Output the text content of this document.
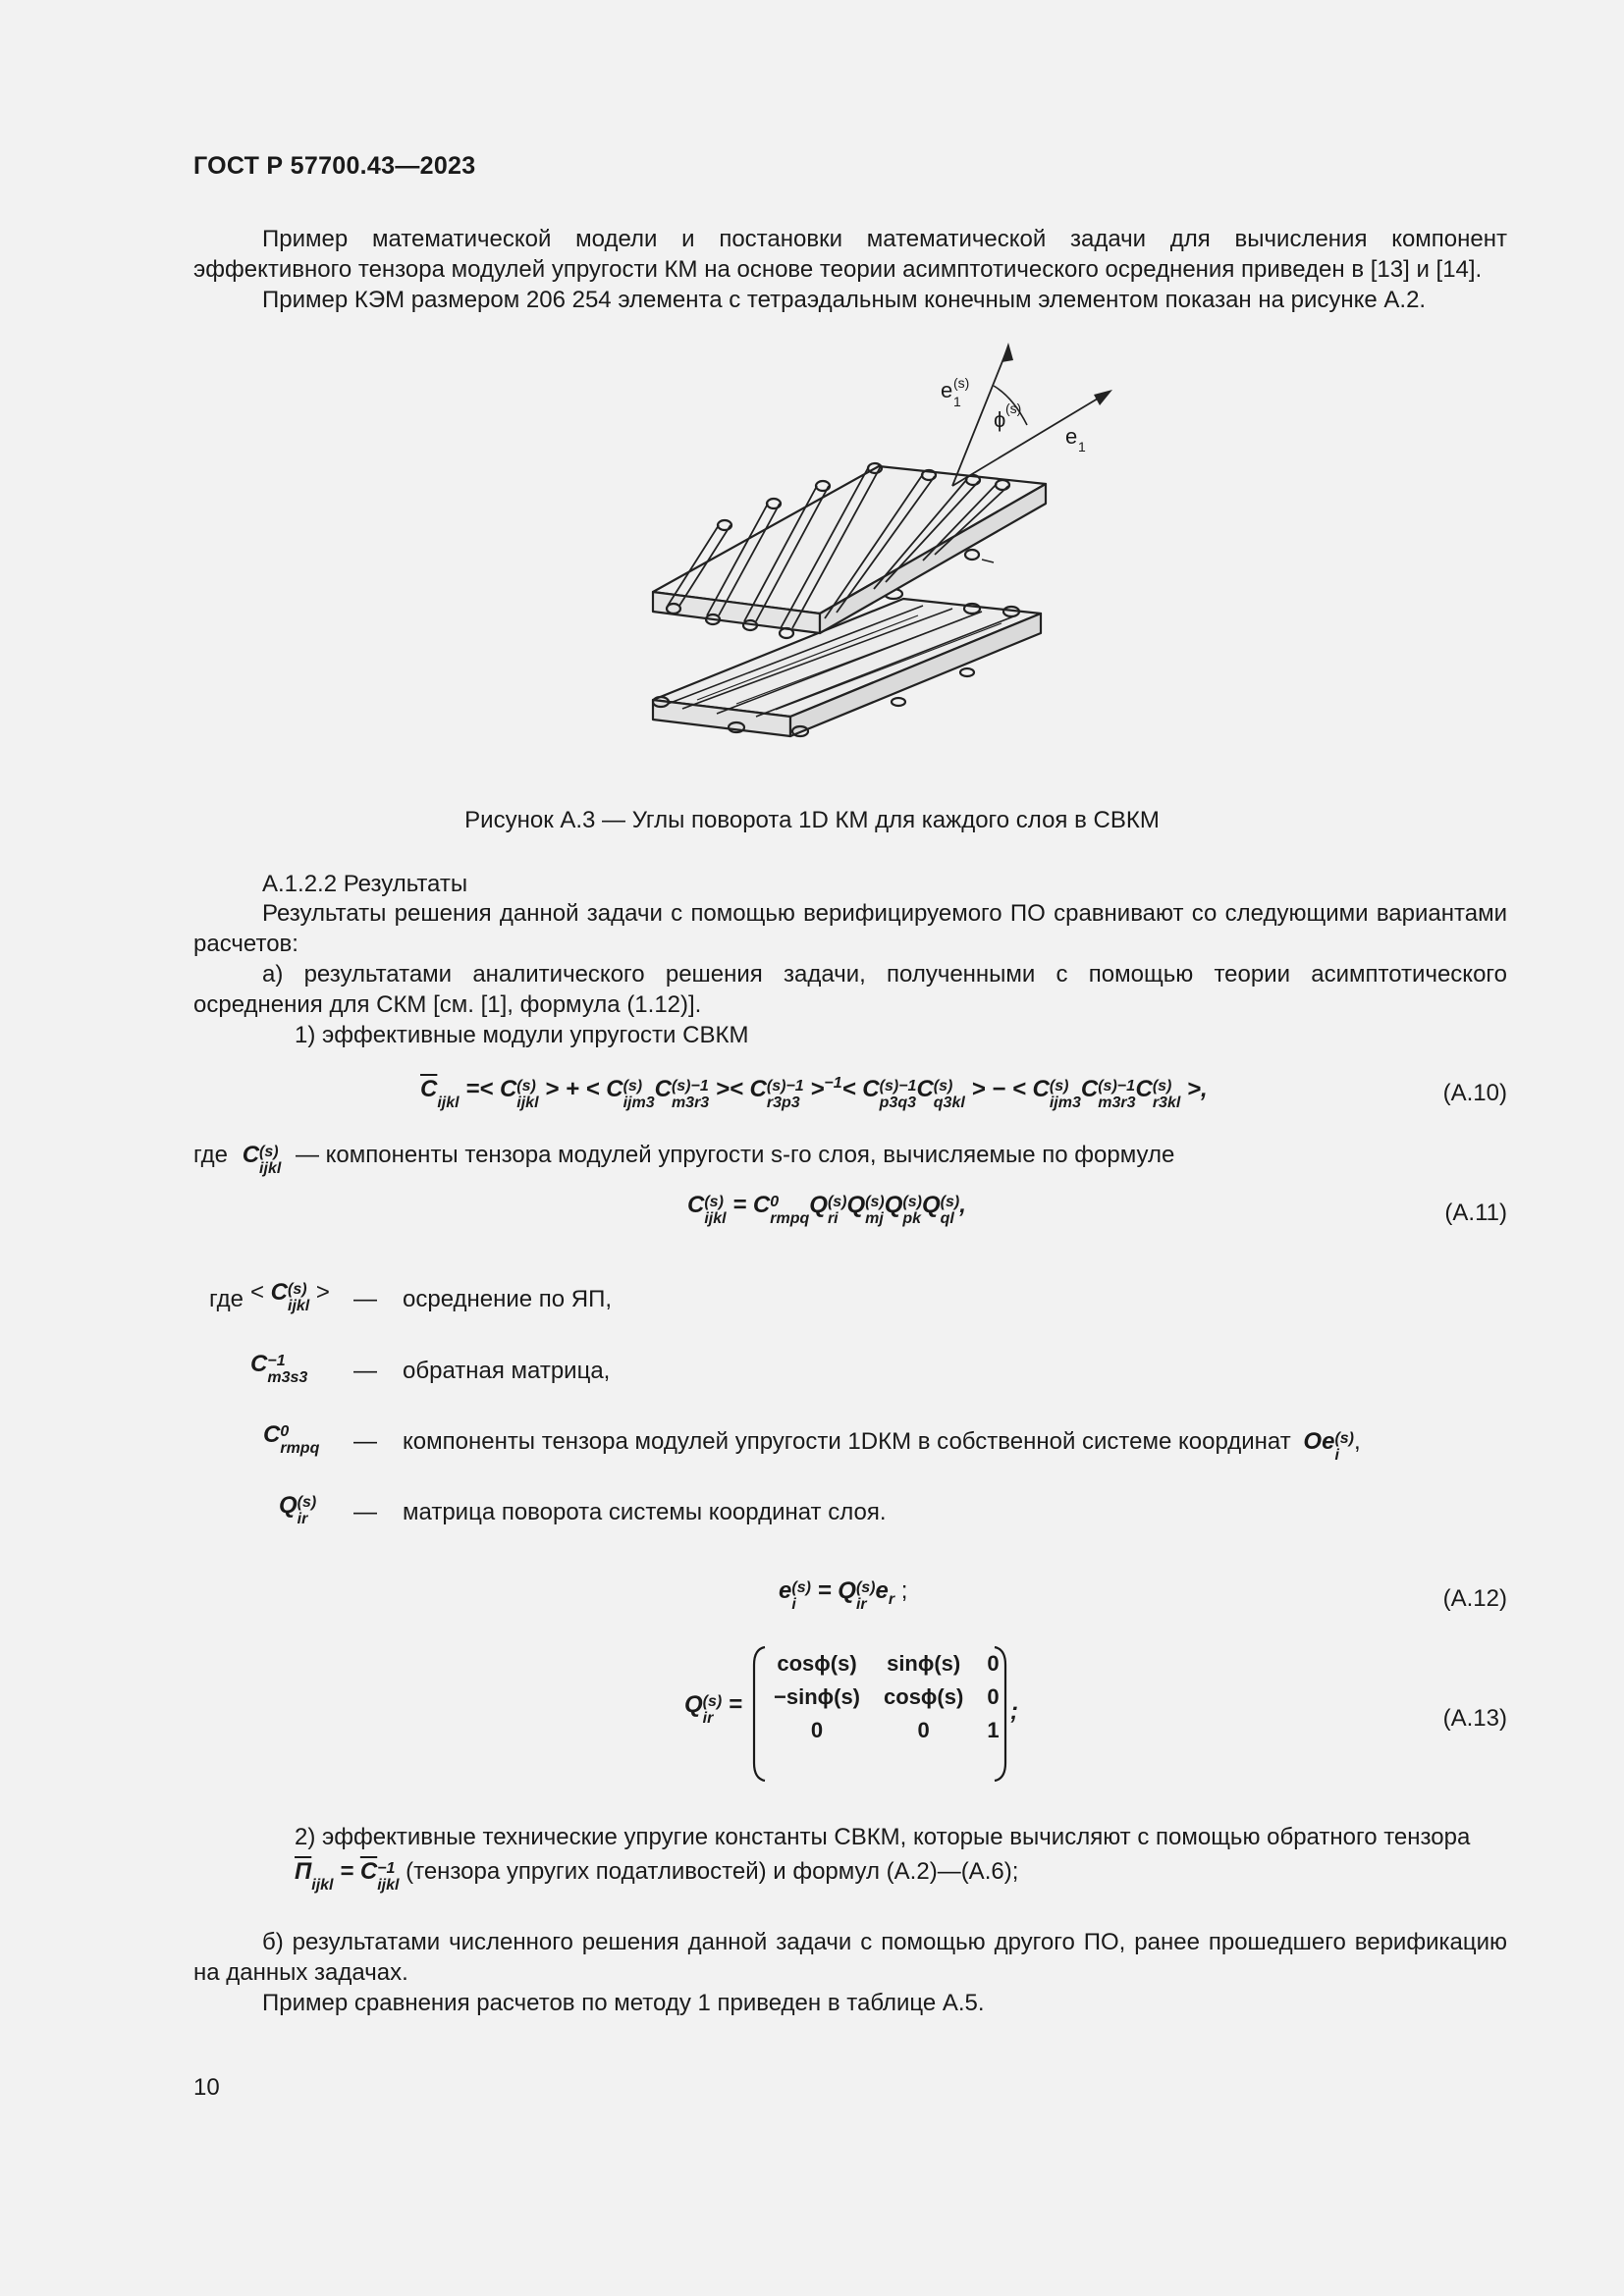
ГОСТ Р 57700.43—2023
Пример математической модели и постановки математической задачи для вычисления компонент эффективного тензора модулей упругости КМ на основе теории асимптотического осреднения приведен в [13] и [14].
Пример КЭМ размером 206 254 элемента с тетраэдальным конечным элементом показан на рисунке А.2.
e 1
(s)
ϕ (s)
e 1
Рисунок А.3 — Углы поворота 1D КМ для каждого слоя в СВКМ
А.1.2.2 Результаты
Результаты решения данной задачи с помощью верифицируемого ПО сравнивают со следующими вариантами расчетов:
а) результатами аналитического решения задачи, полученными с помощью теории асимптотического осреднения для СКМ [см. [1], формула (1.12)].
1) эффективные модули упругости СВКМ
$\overline{C}$

ijkl
=< C (s)
ijkl
> + < C (s)
ijm3
C (s)−1
m3r3
>< C (s)−1
r3p3
>$^{-1}$< C (s)−1
p3q3
C (s)
q3kl
> − < C (s)
ijm3
C (s)−1
m3r3
C (s)
r3kl
>,	(А.10)
где C (s)
ijkl
— компоненты тензора модулей упругости s-го слоя, вычисляемые по формуле
C (s)
ijkl
= C 0
rmpq
Q (s)
ri
Q (s)
mj
Q (s)
pk
Q (s)
ql
,	(А.11)
где < C (s)
ijkl
> — осреднение по ЯП,
C −1
m3s3 — обратная матрица,
C 0
rmpq — компоненты тензора модулей упругости 1DКМ в собственной системе координат Oe (s)
i
,
Q (s)
ir	— матрица поворота системы координат слоя.
e (s)
i
= Q (s)
ir
$e_r$ ;	(А.12)
Q (s)
ir
=
cosϕ(s)	sinϕ(s)	0
−sinϕ(s)	cosϕ(s)	0
0	0	1
;	(А.13)
2) эффективные технические упругие константы СВКМ, которые вычисляют с помощью обратного тензора
П

ijkl
= $\overline{C} -1$
ijkl
(тензора упругих податливостей) и формул (А.2)—(А.6);
б) результатами численного решения данной задачи с помощью другого ПО, ранее прошедшего верификацию на данных задачах.
Пример сравнения расчетов по методу 1 приведен в таблице А.5.
10
